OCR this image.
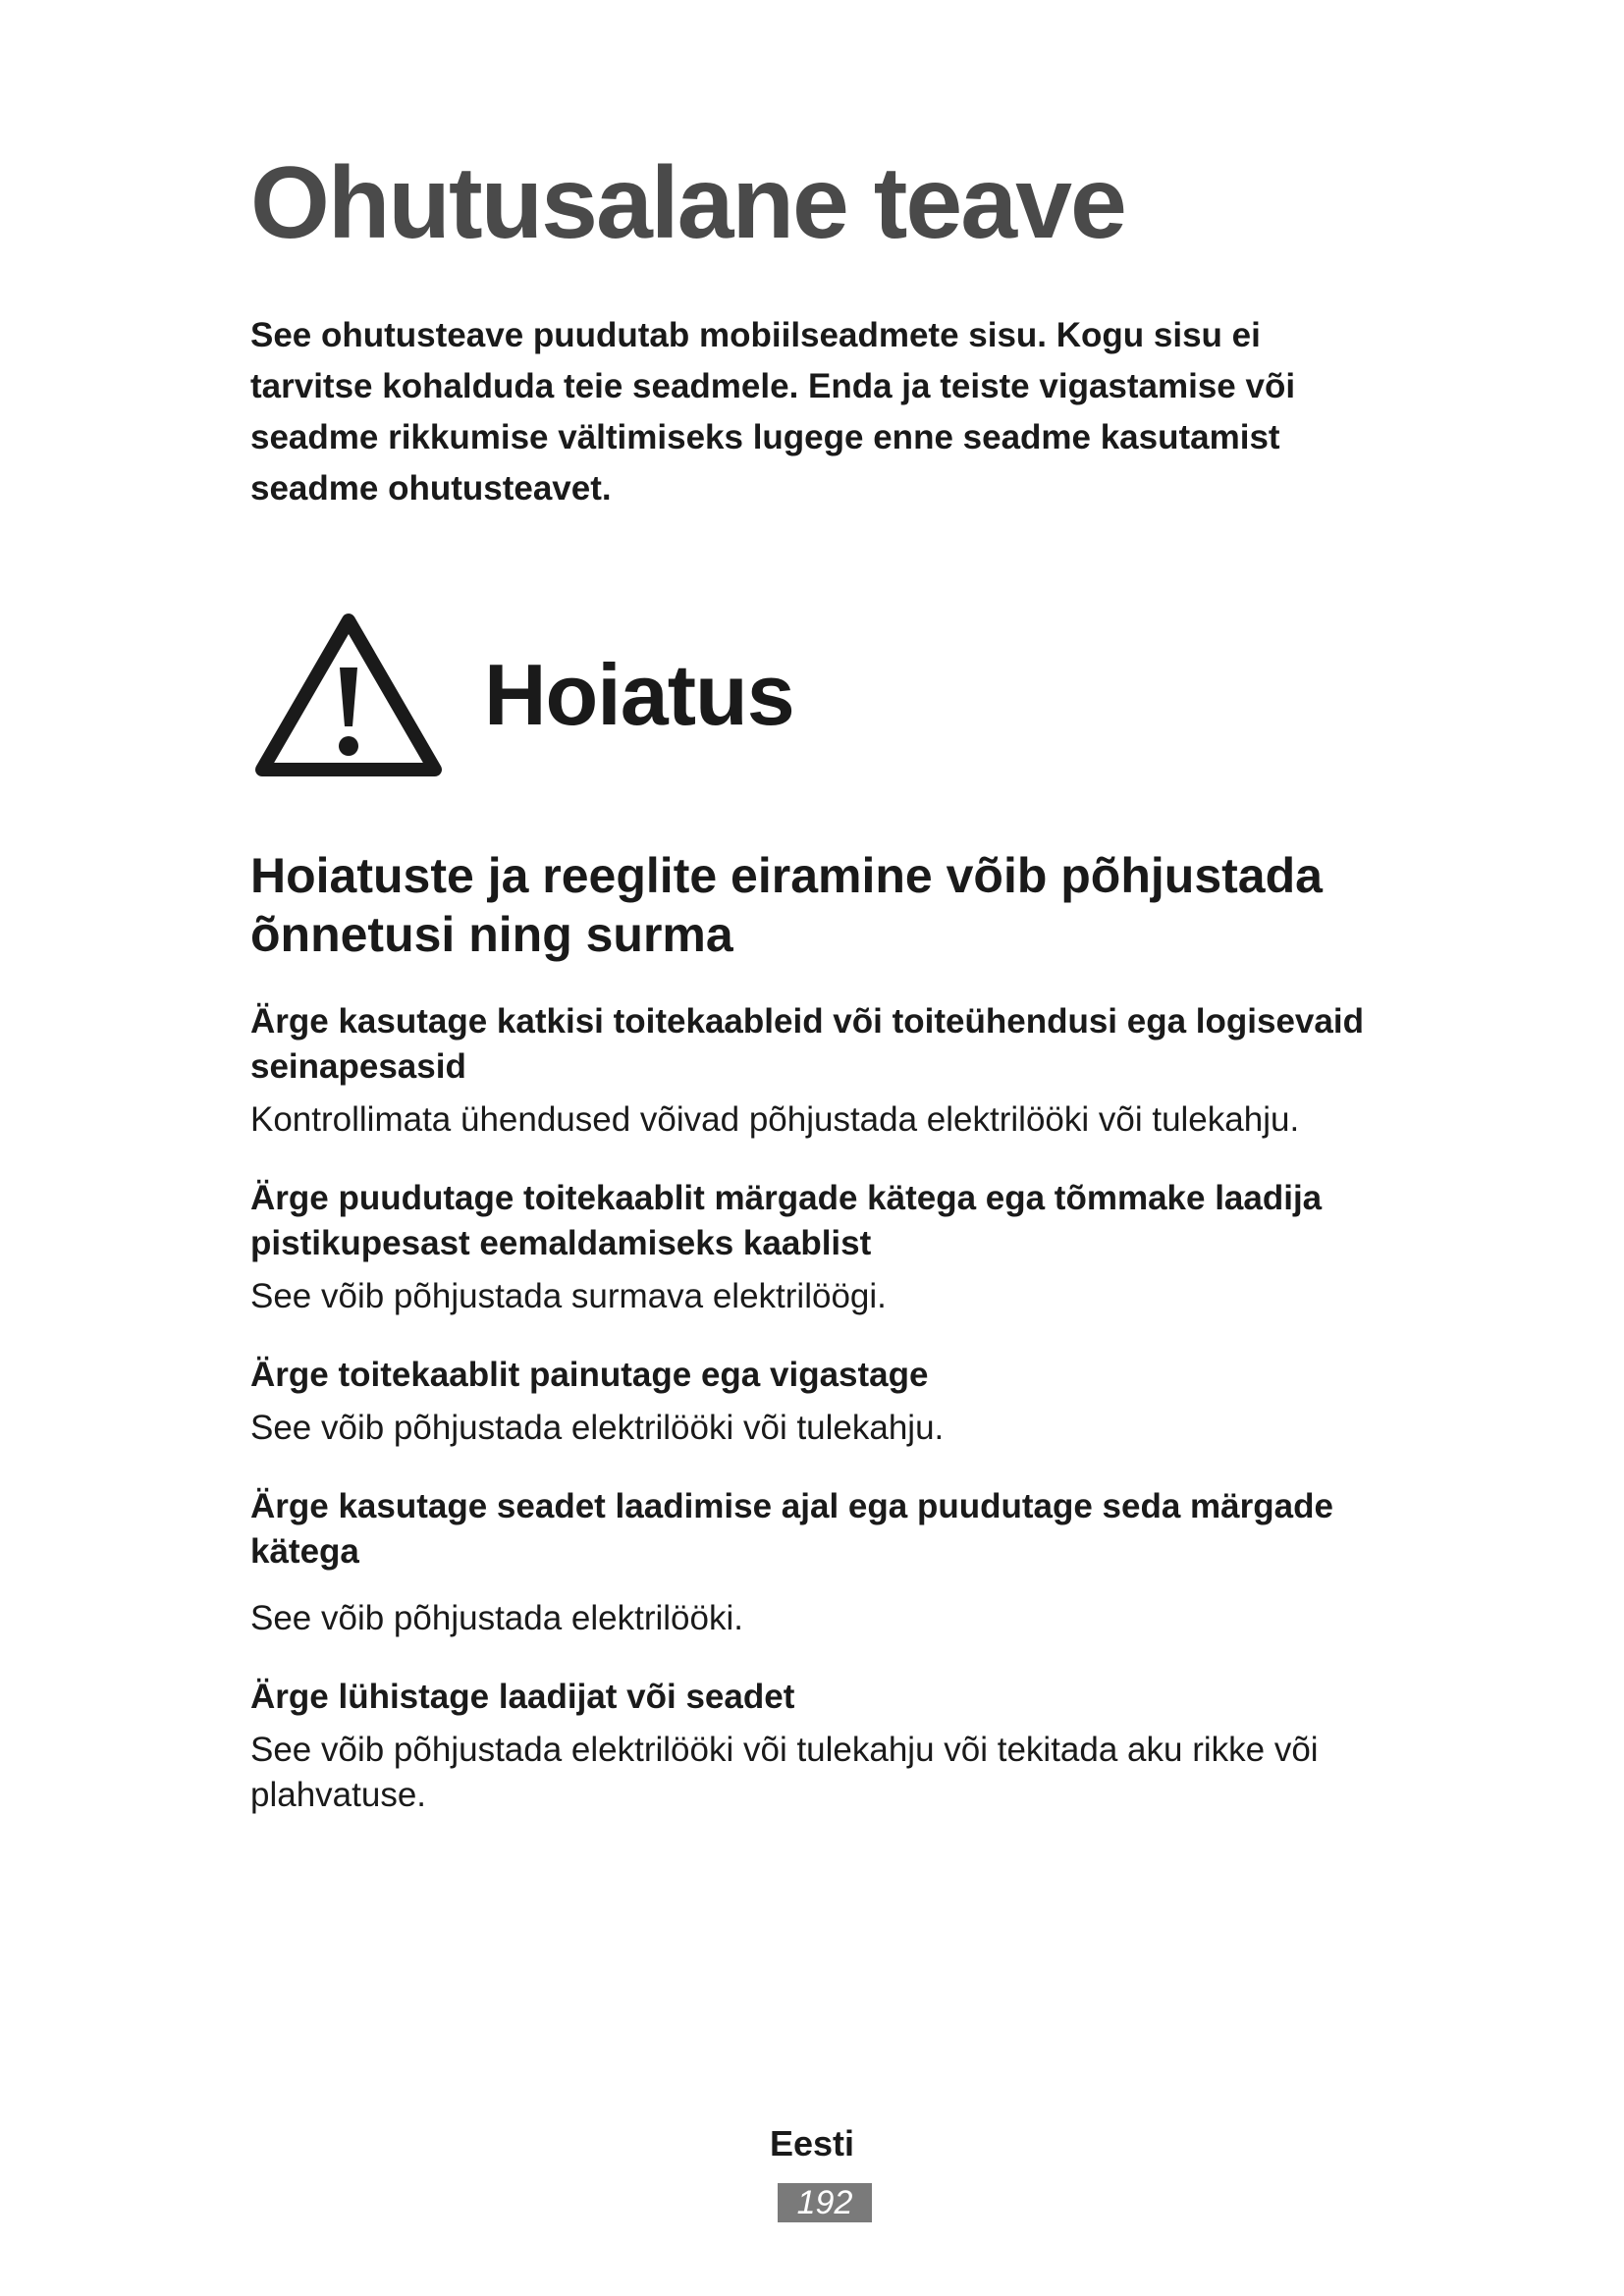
Ohutusalane teave

See ohutusteave puudutab mobiilseadmete sisu. Kogu sisu ei tarvitse kohalduda teie seadmele. Enda ja teiste vigastamise või seadme rikkumise vältimiseks lugege enne seadme kasutamist seadme ohutusteavet.

Hoiatus
Hoiatuste ja reeglite eiramine võib põhjustada õnnetusi ning surma

Ärge kasutage katkisi toitekaableid või toiteühendusi ega logisevaid seinapesasid

Kontrollimata ühendused võivad põhjustada elektrilööki või tulekahju.

Ärge puudutage toitekaablit märgade kätega ega tõmmake laadija pistikupesast eemaldamiseks kaablist

See võib põhjustada surmava elektrilöögi.

Ärge toitekaablit painutage ega vigastage

See võib põhjustada elektrilööki või tulekahju.

Ärge kasutage seadet laadimise ajal ega puudutage seda märgade kätega

See võib põhjustada elektrilööki.

Ärge lühistage laadijat või seadet

See võib põhjustada elektrilööki või tulekahju või tekitada aku rikke või plahvatuse.

Eesti

192
